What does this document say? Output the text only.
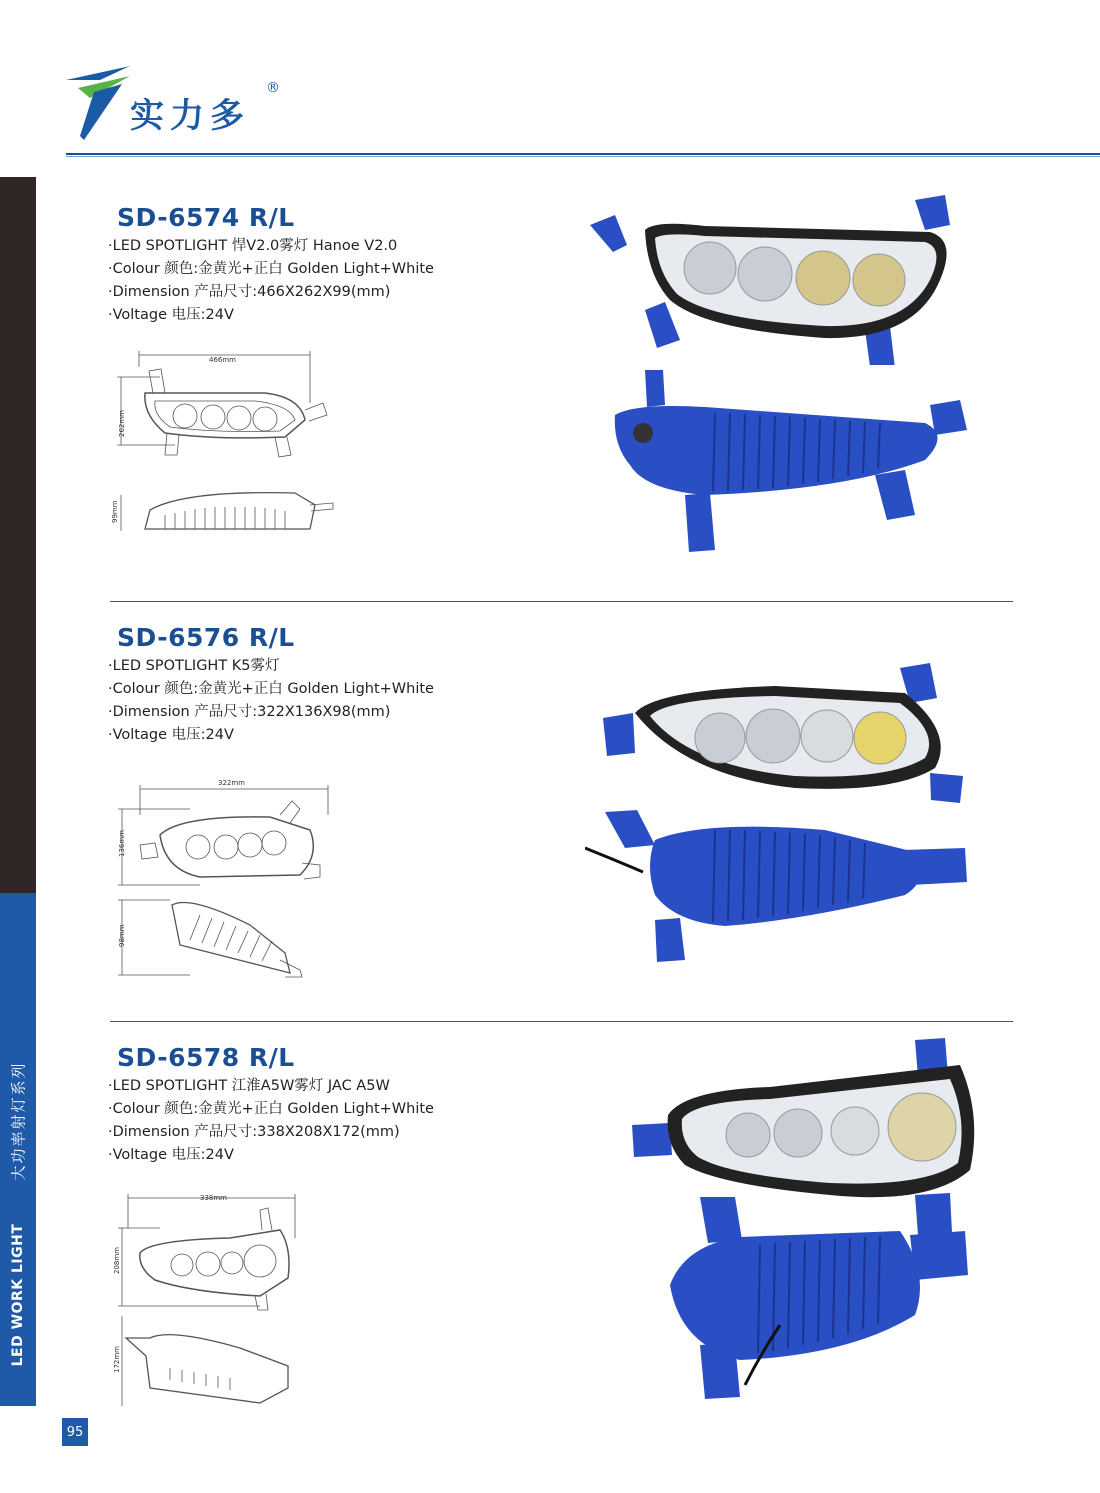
实力多
®
大功率射灯系列
LED WORK LIGHT
95
SD-6574 R/L
·LED SPOTLIGHT 悍V2.0雾灯 Hanoe V2.0
·Colour 颜色:金黄光+正白 Golden Light+White
·Dimension 产品尺寸:466X262X99(mm)
·Voltage 电压:24V
466mm
262mm
99mm
SD-6576 R/L
·LED SPOTLIGHT K5雾灯
·Colour 颜色:金黄光+正白 Golden Light+White
·Dimension 产品尺寸:322X136X98(mm)
·Voltage 电压:24V
322mm
136mm
98mm
SD-6578 R/L
·LED SPOTLIGHT 江淮A5W雾灯 JAC A5W
·Colour 颜色:金黄光+正白 Golden Light+White
·Dimension 产品尺寸:338X208X172(mm)
·Voltage 电压:24V
338mm
208mm
172mm
